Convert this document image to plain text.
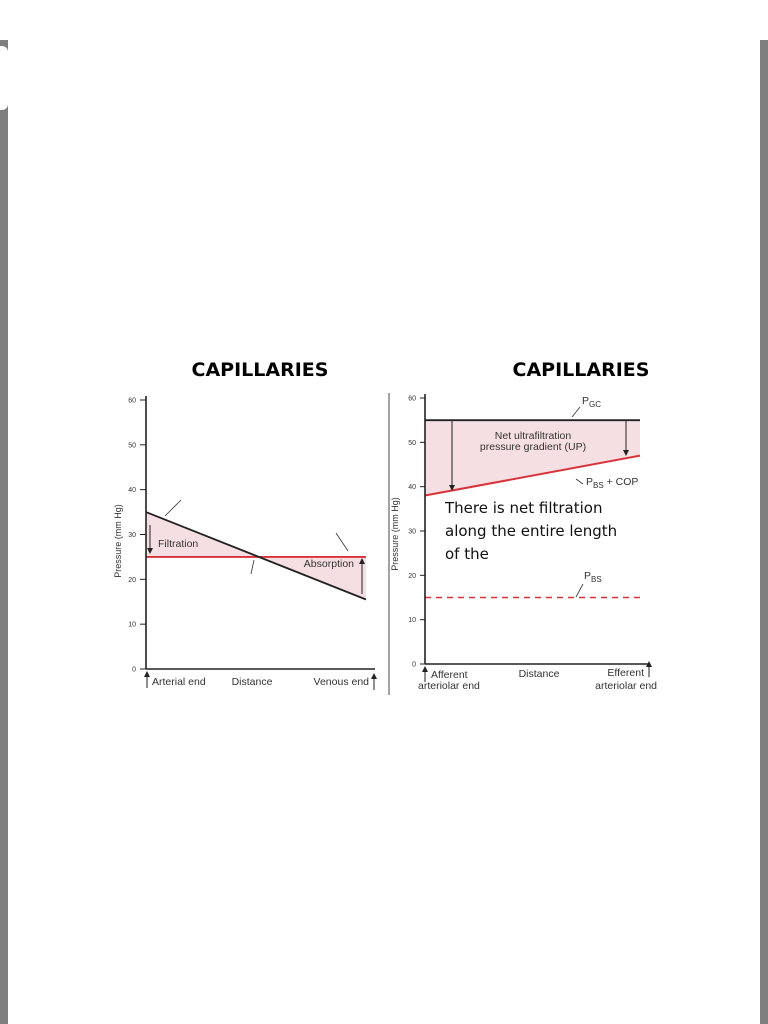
CAPILLARIES
Pressure (mm Hg)
0
10
20
30
40
50
60
Filtration
Absorption
Arterial end Distance	Venous end
CAPILLARIES
Pressure (mm Hg)
0
10
20
30
40
50
60
Net ultrafiltration
pressure gradient (UP)
$P_{GC}$
$P_{BS}$ + COP
$P_{BS}$
There is net filtration
along the entire length
of the
Afferent
arteriolar end
Distance	Efferent
arteriolar end
